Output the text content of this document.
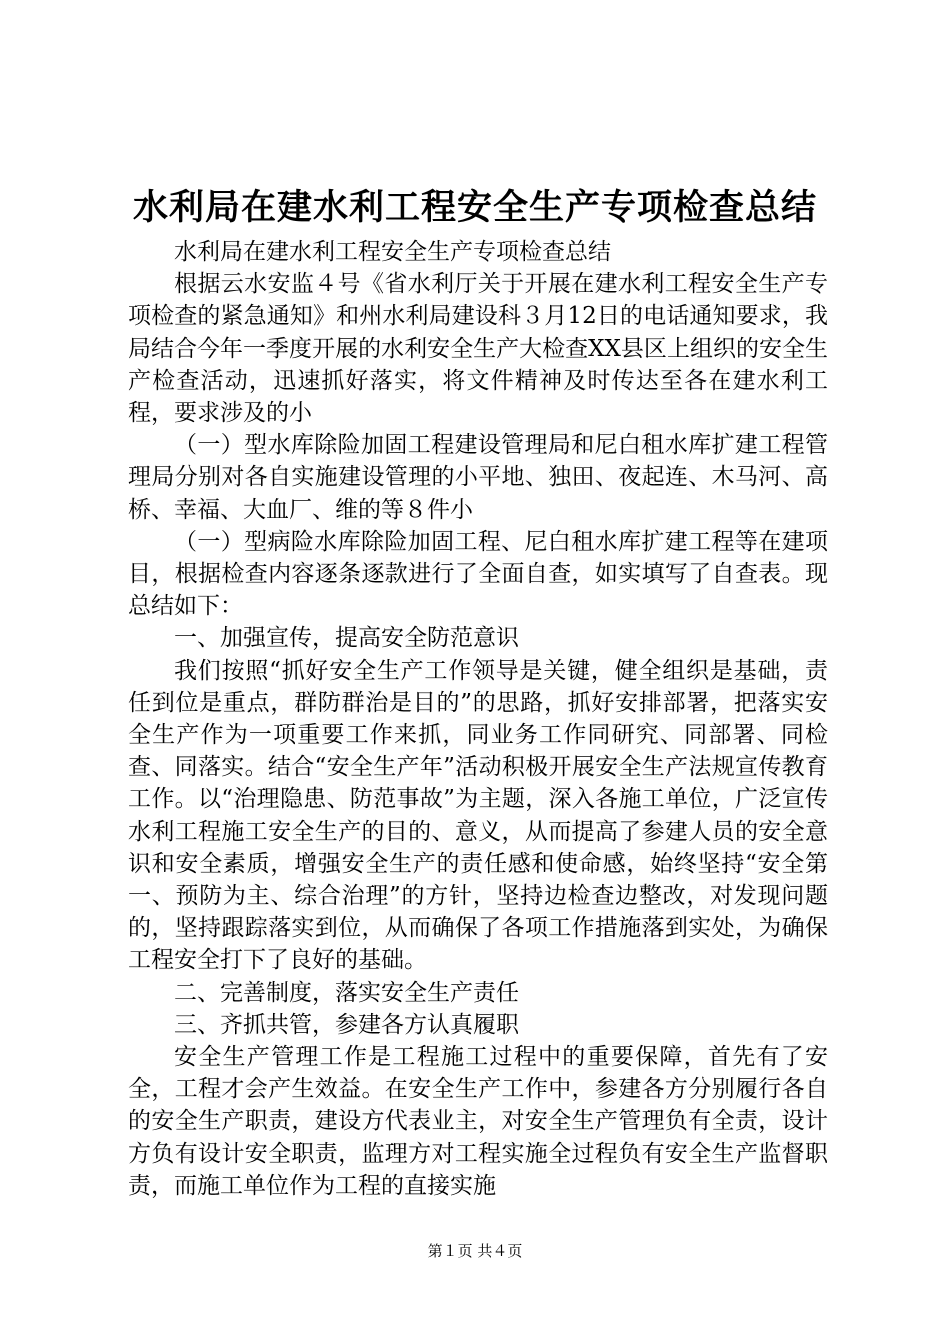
水利局在建水利工程安全生产专项检查总结

水利局在建水利工程安全生产专项检查总结

根据云水安监４号《省水利厅关于开展在建水利工程安全生产专项检查的紧急通知》和州水利局建设科３月12日的电话通知要求，我局结合今年一季度开展的水利安全生产大检查XX县区上组织的安全生产检查活动，迅速抓好落实，将文件精神及时传达至各在建水利工程，要求涉及的小

（一）型水库除险加固工程建设管理局和尼白租水库扩建工程管理局分别对各自实施建设管理的小平地、独田、夜起连、木马河、高桥、幸福、大血厂、维的等８件小

（一）型病险水库除险加固工程、尼白租水库扩建工程等在建项目，根据检查内容逐条逐款进行了全面自查，如实填写了自查表。现总结如下：

一、加强宣传，提高安全防范意识

我们按照“抓好安全生产工作领导是关键，健全组织是基础，责任到位是重点，群防群治是目的”的思路，抓好安排部署，把落实安全生产作为一项重要工作来抓，同业务工作同研究、同部署、同检查、同落实。结合“安全生产年”活动积极开展安全生产法规宣传教育工作。以“治理隐患、防范事故”为主题，深入各施工单位，广泛宣传水利工程施工安全生产的目的、意义，从而提高了参建人员的安全意识和安全素质，增强安全生产的责任感和使命感，始终坚持“安全第一、预防为主、综合治理”的方针，坚持边检查边整改，对发现问题的，坚持跟踪落实到位，从而确保了各项工作措施落到实处，为确保工程安全打下了良好的基础。

二、完善制度，落实安全生产责任

三、齐抓共管，参建各方认真履职

安全生产管理工作是工程施工过程中的重要保障，首先有了安全，工程才会产生效益。在安全生产工作中，参建各方分别履行各自的安全生产职责，建设方代表业主，对安全生产管理负有全责，设计方负有设计安全职责，监理方对工程实施全过程负有安全生产监督职责，而施工单位作为工程的直接实施

第１页 共４页
